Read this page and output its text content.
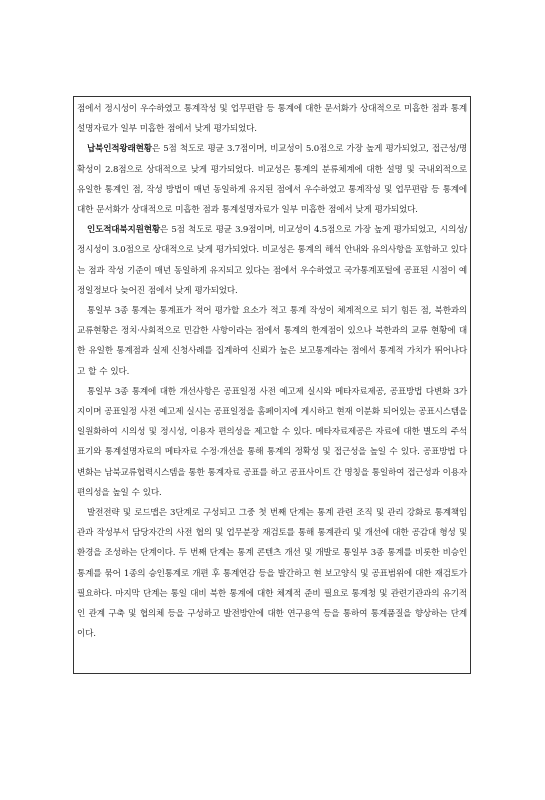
점에서 정시성이 우수하였고 통계작성 및 업무편람 등 통계에 대한 문서화가 상대적으로 미흡한 점과 통계설명자료가 일부 미흡한 점에서 낮게 평가되었다.

납북인적왕래현황은 5점 척도로 평균 3.7점이며, 비교성이 5.0점으로 가장 높게 평가되었고, 접근성/명확성이 2.8점으로 상대적으로 낮게 평가되었다. 비교성은 통계의 분류체계에 대한 설명 및 국내외적으로 유일한 통계인 점, 작성 방법이 매년 동일하게 유지된 점에서 우수하였고 통계작성 및 업무편람 등 통계에 대한 문서화가 상대적으로 미흡한 점과 통계설명자료가 일부 미흡한 점에서 낮게 평가되었다.

인도적대북지원현황은 5점 척도로 평균 3.9점이며, 비교성이 4.5점으로 가장 높게 평가되었고, 시의성/정시성이 3.0점으로 상대적으로 낮게 평가되었다. 비교성은 통계의 해석 안내와 유의사항을 포함하고 있다는 점과 작성 기준이 매년 동일하게 유지되고 있다는 점에서 우수하였고 국가통계포털에 공표된 시점이 예정일정보다 늦어진 점에서 낮게 평가되었다.

통일부 3종 통계는 통계표가 적어 평가할 요소가 적고 통계 작성이 체계적으로 되기 힘든 점, 북한과의 교류현황은 정치·사회적으로 민감한 사항이라는 점에서 통계의 한계점이 있으나 북한과의 교류 현황에 대한 유일한 통계점과 실제 신청사례를 집계하여 신뢰가 높은 보고통계라는 점에서 통계적 가치가 뛰어나다고 할 수 있다.

통일부 3종 통계에 대한 개선사항은 공표일정 사전 예고제 실시와 메타자료제공, 공표방법 다변화 3가지이며 공표일정 사전 예고제 실시는 공표일정을 홈페이지에 게시하고 현재 이분화 되어있는 공표시스템을 일원화하여 시의성 및 정시성, 이용자 편의성을 제고할 수 있다. 메타자료제공은 자료에 대한 별도의 주석표기와 통계설명자료의 메타자료 수정·개선을 통해 통계의 정확성 및 접근성을 높일 수 있다. 공표방법 다변화는 남북교류협력시스템을 통한 통계자료 공표를 하고 공표사이트 간 명칭을 통일하여 접근성과 이용자편의성을 높일 수 있다.

발전전략 및 로드맵은 3단계로 구성되고 그중 첫 번째 단계는 통계 관련 조직 및 관리 강화로 통계책임관과 작성부서 담당자간의 사전 협의 및 업무분장 재검토를 통해 통계관리 및 개선에 대한 공감대 형성 및 환경을 조성하는 단계이다. 두 번째 단계는 통계 콘텐츠 개선 및 개발로 통일부 3종 통계를 비롯한 비승인 통계를 묶어 1종의 승인통계로 개편 후 통계연감 등을 발간하고 현 보고양식 및 공표범위에 대한 재검토가 필요하다. 마지막 단계는 통일 대비 북한 통계에 대한 체계적 준비 필요로 통계청 및 관련기관과의 유기적인 관계 구축 및 협의체 등을 구성하고 발전방안에 대한 연구용역 등을 통하여 통계품질을 향상하는 단계이다.
